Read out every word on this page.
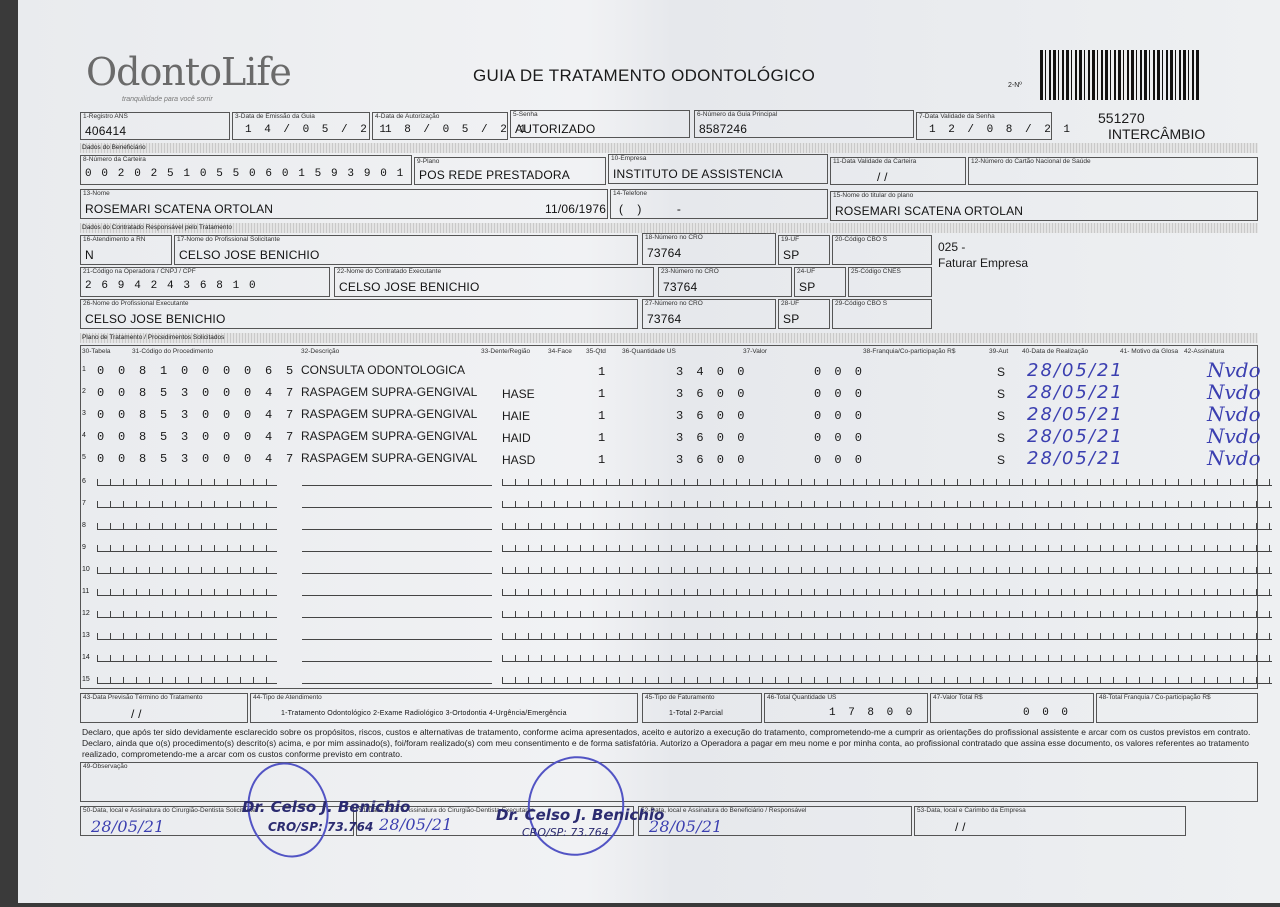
OdontoLife
tranquilidade para você sorrir
GUIA DE TRATAMENTO ODONTOLÓGICO
2-Nº
551270
INTERCÂMBIO
1-Registro ANS
406414
3-Data de Emissão da Guia
1 4 / 0 5 / 2 1
4-Data de Autorização
1 8 / 0 5 / 2 1
5-Senha
AUTORIZADO
6-Número da Guia Principal
8587246
7-Data Validade da Senha
1 2 / 0 8 / 2 1
Dados do Beneficiário
8-Número da Carteira
0 0 2 0 2 5 1 0 5 5 0 6 0 1 5 9 3 9 0 1
9-Plano
POS REDE PRESTADORA
10-Empresa
INSTITUTO DE ASSISTENCIA
11-Data Validade da Carteira
/ /
12-Número do Cartão Nacional de Saúde
13-Nome
ROSEMARI SCATENA ORTOLAN	11/06/1976
14-Telefone
(    )          -
15-Nome do titular do plano
ROSEMARI SCATENA ORTOLAN
Dados do Contratado Responsável pelo Tratamento
16-Atendimento a RN
N
17-Nome do Profissional Solicitante
CELSO JOSE BENICHIO
18-Número no CRO
73764
19-UF
SP
20-Código CBO S
025 -
Faturar Empresa
21-Código na Operadora / CNPJ / CPF
2 6 9 4 2 4 3 6 8 1 0
22-Nome do Contratado Executante
CELSO JOSE BENICHIO
23-Número no CRO
73764
24-UF
SP
25-Código CNES
26-Nome do Profissional Executante
CELSO JOSE BENICHIO
27-Número no CRO
73764
28-UF
SP
29-Código CBO S
Plano de Tratamento / Procedimentos Solicitados
30-Tabela	31-Código do Procedimento	32-Descrição	33-Dente/Região	34-Face 35-Qtd 36-Quantidade US	37-Valor	38-Franquia/Co-participação R$	39-Aut 40-Data de Realização	41- Motivo da Glosa 42-Assinatura
1 0 0 8 1 0 0 0 0 6 5 CONSULTA ODONTOLOGICA	1	3 4 0 0	0 0 0	S 28/05/21	Nvdo
2 0 0 8 5 3 0 0 0 4 7 RASPAGEM SUPRA-GENGIVAL HASE	1	3 6 0 0	0 0 0	S 28/05/21	Nvdo
3 0 0 8 5 3 0 0 0 4 7 RASPAGEM SUPRA-GENGIVAL HAIE	1	3 6 0 0	0 0 0	S 28/05/21	Nvdo
4 0 0 8 5 3 0 0 0 4 7 RASPAGEM SUPRA-GENGIVAL HAID	1	3 6 0 0	0 0 0	S 28/05/21	Nvdo
5 0 0 8 5 3 0 0 0 4 7 RASPAGEM SUPRA-GENGIVAL HASD	1	3 6 0 0	0 0 0	S 28/05/21	Nvdo
6
7
8
9
10
11
12
13
14
15
43-Data Previsão Término do Tratamento
/ /
44-Tipo de Atendimento
1-Tratamento Odontológico 2-Exame Radiológico 3-Ortodontia 4-Urgência/Emergência
45-Tipo de Faturamento
1-Total 2-Parcial
46-Total Quantidade US
1 7 8 0 0
47-Valor Total R$
0 0 0
48-Total Franquia / Co-participação R$
Declaro, que após ter sido devidamente esclarecido sobre os propósitos, riscos, custos e alternativas de tratamento, conforme acima apresentados, aceito e autorizo a execução do tratamento, comprometendo-me a cumprir as orientações do profissional assistente e arcar com os custos previstos em contrato. Declaro, ainda que o(s) procedimento(s) descrito(s) acima, e por mim assinado(s), foi/foram realizado(s) com meu consentimento e de forma satisfatória. Autorizo a Operadora a pagar em meu nome e por minha conta, ao profissional contratado que assina esse documento, os valores referentes ao tratamento realizado, comprometendo-me a arcar com os custos conforme previsto em contrato.
49-Observação
50-Data, local e Assinatura do Cirurgião-Dentista Solicitante
28/05/21
51-Data, local e Assinatura do Cirurgião-Dentista Executante
28/05/21
52-Data, local e Assinatura do Beneficiário / Responsável
28/05/21
53-Data, local e Carimbo da Empresa
/ /
Dr. Celso J. Benichio
CRO/SP: 73.764
Dr. Celso J. Benichio
CRO/SP: 73.764
